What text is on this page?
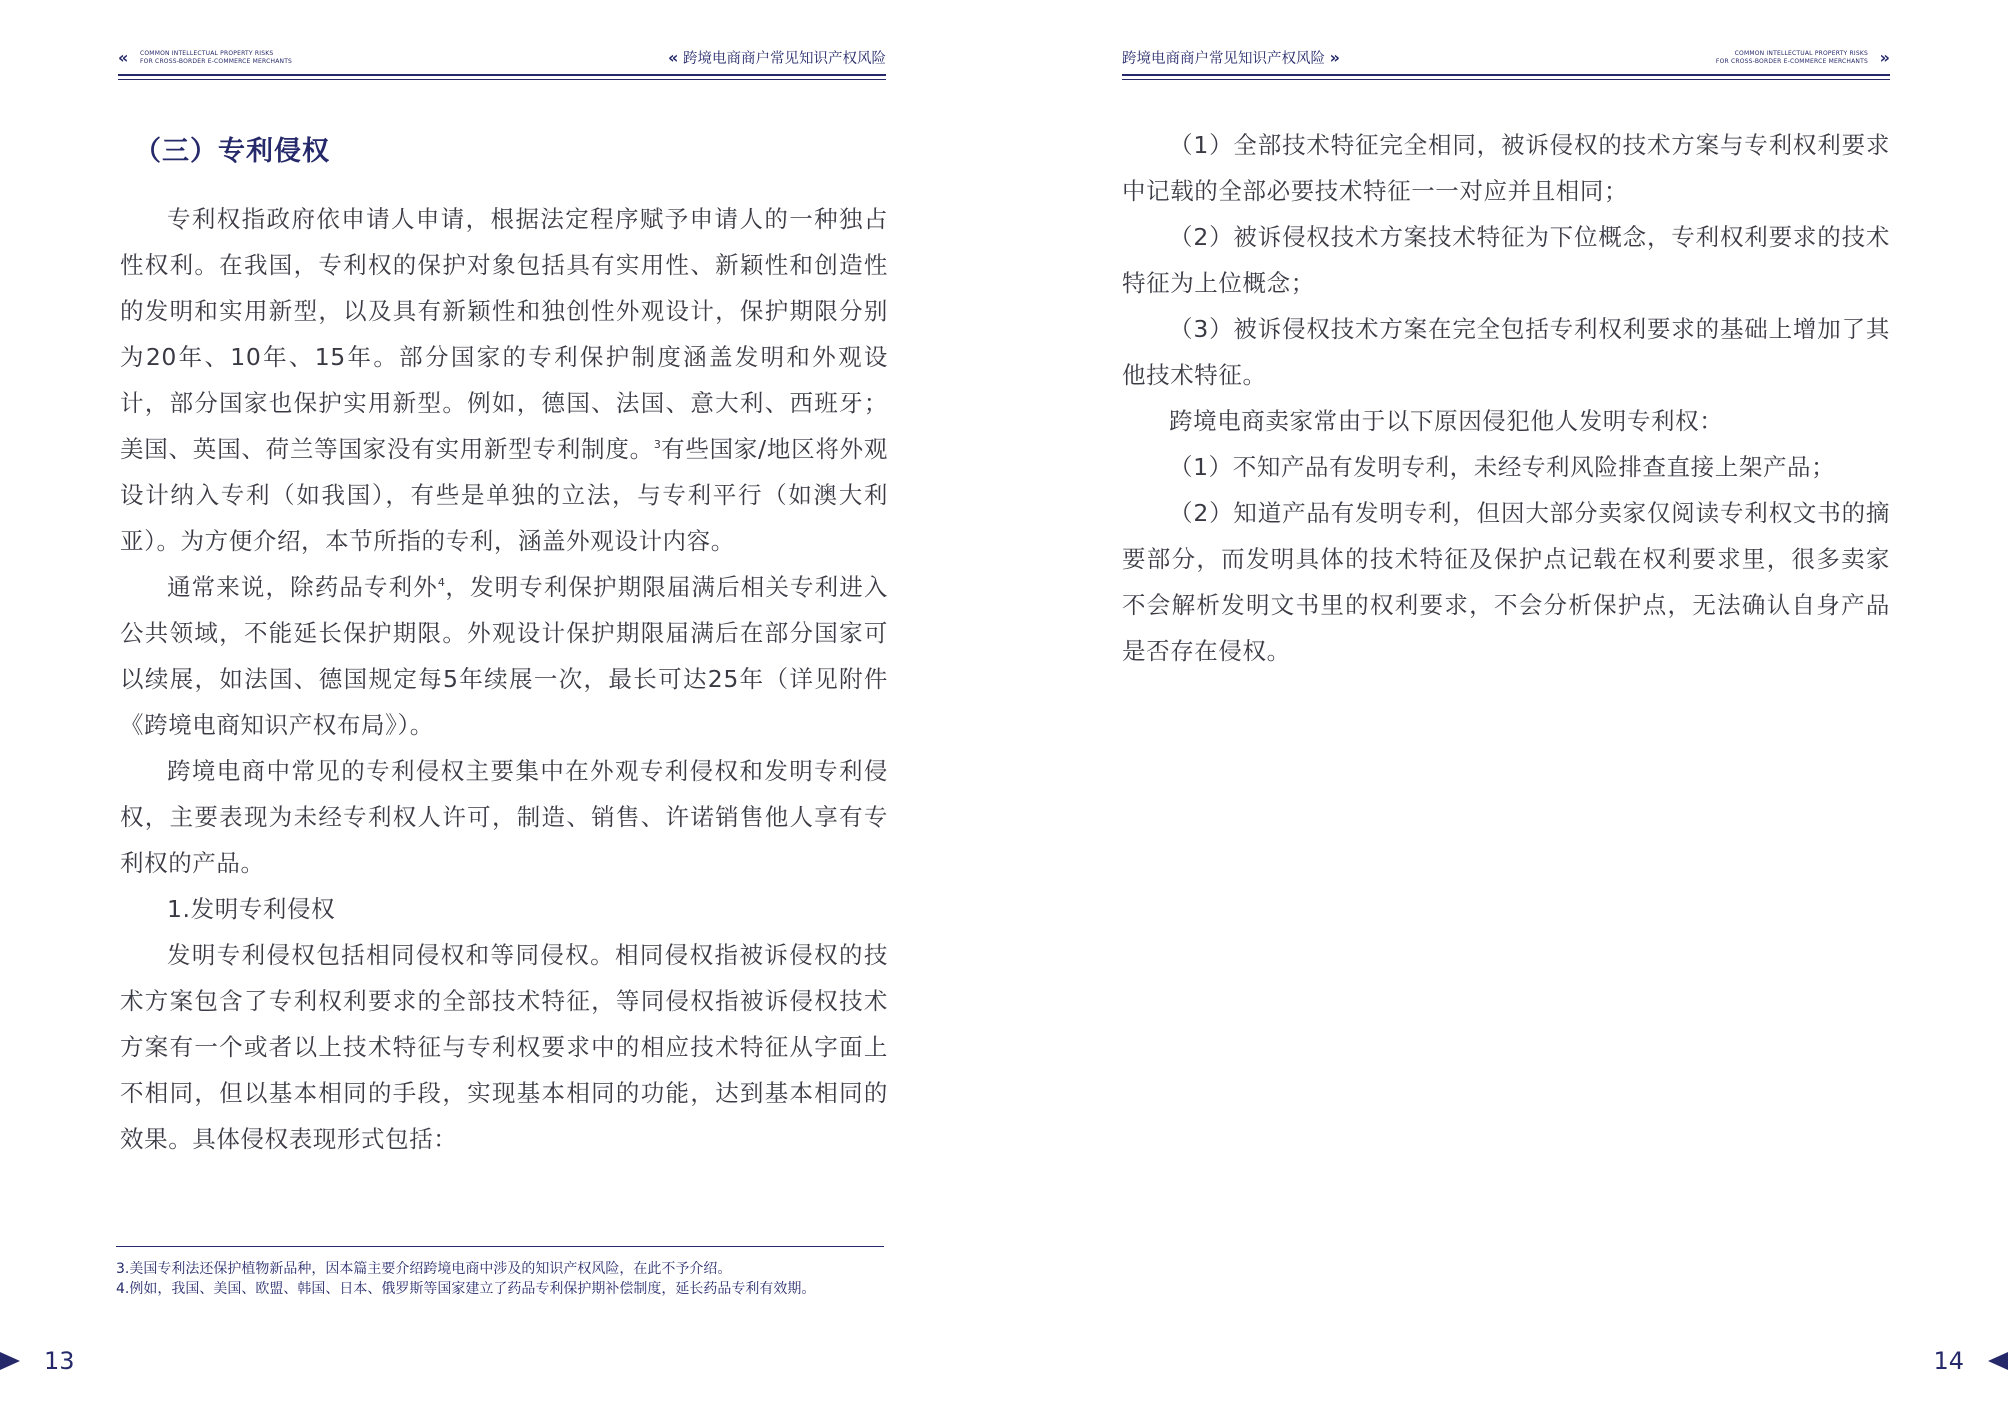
« COMMON INTELLECTUAL PROPERTY RISKS
FOR CROSS-BORDER E-COMMERCE MERCHANTS	« 跨境电商商户常见知识产权风险
（三）专利侵权

专利权指政府依申请人申请，根据法定程序赋予申请人的一种独占性权利。在我国，专利权的保护对象包括具有实用性、新颖性和创造性的发明和实用新型，以及具有新颖性和独创性外观设计，保护期限分别为20年、10年、15年。部分国家的专利保护制度涵盖发明和外观设计，部分国家也保护实用新型。例如，德国、法国、意大利、西班牙；美国、英国、荷兰等国家没有实用新型专利制度。$^3$有些国家/地区将外观设计纳入专利（如我国），有些是单独的立法，与专利平行（如澳大利亚）。为方便介绍，本节所指的专利，涵盖外观设计内容。

通常来说，除药品专利外$^4$，发明专利保护期限届满后相关专利进入公共领域，不能延长保护期限。外观设计保护期限届满后在部分国家可以续展，如法国、德国规定每5年续展一次，最长可达25年（详见附件《跨境电商知识产权布局》）。

跨境电商中常见的专利侵权主要集中在外观专利侵权和发明专利侵权，主要表现为未经专利权人许可，制造、销售、许诺销售他人享有专利权的产品。

1.发明专利侵权

发明专利侵权包括相同侵权和等同侵权。相同侵权指被诉侵权的技术方案包含了专利权利要求的全部技术特征，等同侵权指被诉侵权技术方案有一个或者以上技术特征与专利权要求中的相应技术特征从字面上不相同，但以基本相同的手段，实现基本相同的功能，达到基本相同的效果。具体侵权表现形式包括：

3.美国专利法还保护植物新品种，因本篇主要介绍跨境电商中涉及的知识产权风险，在此不予介绍。
4.例如，我国、美国、欧盟、韩国、日本、俄罗斯等国家建立了药品专利保护期补偿制度，延长药品专利有效期。
13
跨境电商商户常见知识产权风险 »	COMMON INTELLECTUAL PROPERTY RISKS
FOR CROSS-BORDER E-COMMERCE MERCHANTS »

（1）全部技术特征完全相同，被诉侵权的技术方案与专利权利要求中记载的全部必要技术特征一一对应并且相同；

（2）被诉侵权技术方案技术特征为下位概念，专利权利要求的技术特征为上位概念；

（3）被诉侵权技术方案在完全包括专利权利要求的基础上增加了其他技术特征。

跨境电商卖家常由于以下原因侵犯他人发明专利权：

（1）不知产品有发明专利，未经专利风险排查直接上架产品；

（2）知道产品有发明专利，但因大部分卖家仅阅读专利权文书的摘要部分，而发明具体的技术特征及保护点记载在权利要求里，很多卖家不会解析发明文书里的权利要求，不会分析保护点，无法确认自身产品是否存在侵权。

14
